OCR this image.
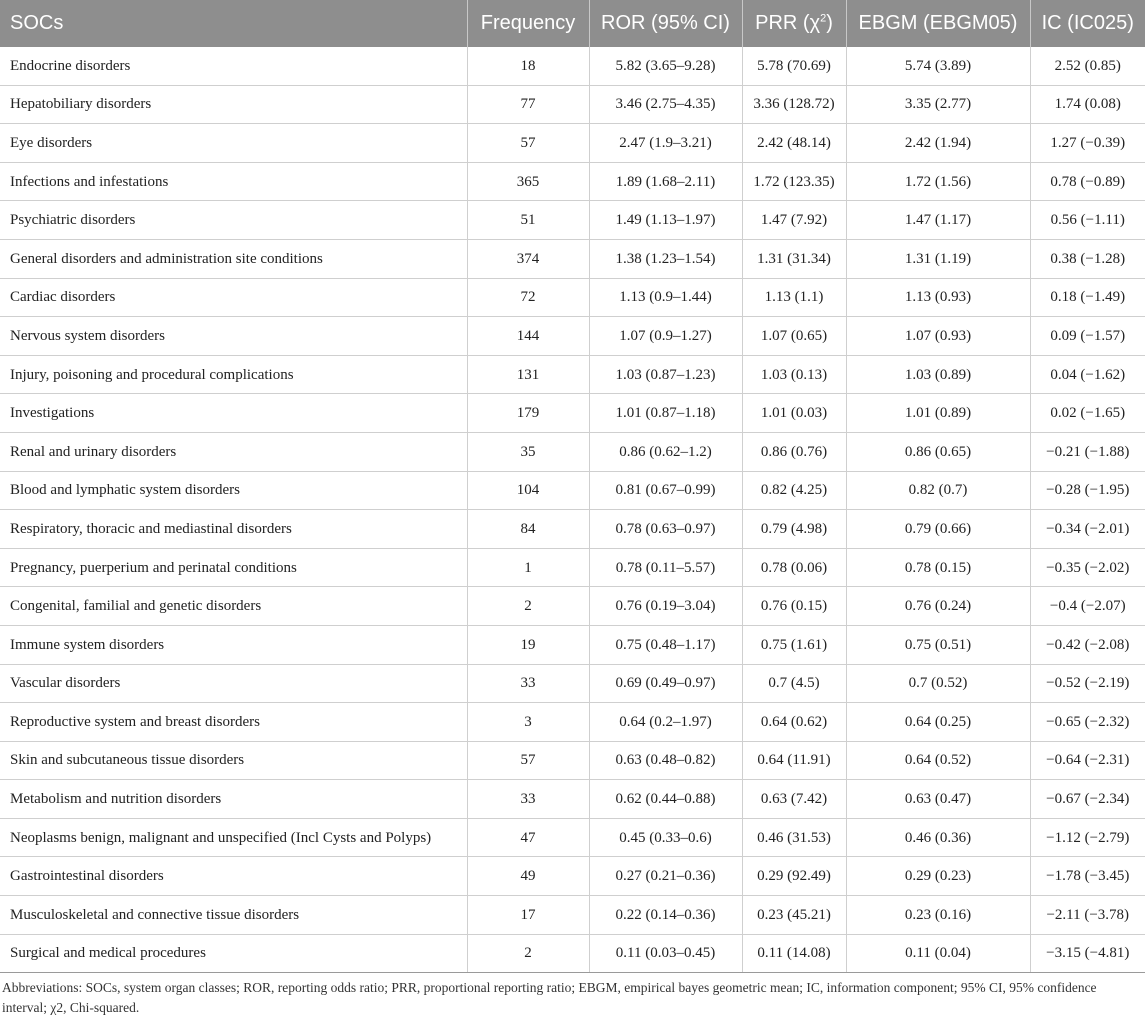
SOCs	Frequency	ROR (95% CI)	PRR $(\chi^2)$	EBGM (EBGM05)	IC (IC025)
Endocrine disorders	18	5.82 (3.65–9.28)	5.78 (70.69)	5.74 (3.89)	2.52 (0.85)
Hepatobiliary disorders	77	3.46 (2.75–4.35)	3.36 (128.72)	3.35 (2.77)	1.74 (0.08)
Eye disorders	57	2.47 (1.9–3.21)	2.42 (48.14)	2.42 (1.94)	1.27 (−0.39)
Infections and infestations	365	1.89 (1.68–2.11)	1.72 (123.35)	1.72 (1.56)	0.78 (−0.89)
Psychiatric disorders	51	1.49 (1.13–1.97)	1.47 (7.92)	1.47 (1.17)	0.56 (−1.11)
General disorders and administration site conditions	374	1.38 (1.23–1.54)	1.31 (31.34)	1.31 (1.19)	0.38 (−1.28)
Cardiac disorders	72	1.13 (0.9–1.44)	1.13 (1.1)	1.13 (0.93)	0.18 (−1.49)
Nervous system disorders	144	1.07 (0.9–1.27)	1.07 (0.65)	1.07 (0.93)	0.09 (−1.57)
Injury, poisoning and procedural complications	131	1.03 (0.87–1.23)	1.03 (0.13)	1.03 (0.89)	0.04 (−1.62)
Investigations	179	1.01 (0.87–1.18)	1.01 (0.03)	1.01 (0.89)	0.02 (−1.65)
Renal and urinary disorders	35	0.86 (0.62–1.2)	0.86 (0.76)	0.86 (0.65)	−0.21 (−1.88)
Blood and lymphatic system disorders	104	0.81 (0.67–0.99)	0.82 (4.25)	0.82 (0.7)	−0.28 (−1.95)
Respiratory, thoracic and mediastinal disorders	84	0.78 (0.63–0.97)	0.79 (4.98)	0.79 (0.66)	−0.34 (−2.01)
Pregnancy, puerperium and perinatal conditions	1	0.78 (0.11–5.57)	0.78 (0.06)	0.78 (0.15)	−0.35 (−2.02)
Congenital, familial and genetic disorders	2	0.76 (0.19–3.04)	0.76 (0.15)	0.76 (0.24)	−0.4 (−2.07)
Immune system disorders	19	0.75 (0.48–1.17)	0.75 (1.61)	0.75 (0.51)	−0.42 (−2.08)
Vascular disorders	33	0.69 (0.49–0.97)	0.7 (4.5)	0.7 (0.52)	−0.52 (−2.19)
Reproductive system and breast disorders	3	0.64 (0.2–1.97)	0.64 (0.62)	0.64 (0.25)	−0.65 (−2.32)
Skin and subcutaneous tissue disorders	57	0.63 (0.48–0.82)	0.64 (11.91)	0.64 (0.52)	−0.64 (−2.31)
Metabolism and nutrition disorders	33	0.62 (0.44–0.88)	0.63 (7.42)	0.63 (0.47)	−0.67 (−2.34)
Neoplasms benign, malignant and unspecified (Incl Cysts and Polyps)	47	0.45 (0.33–0.6)	0.46 (31.53)	0.46 (0.36)	−1.12 (−2.79)
Gastrointestinal disorders	49	0.27 (0.21–0.36)	0.29 (92.49)	0.29 (0.23)	−1.78 (−3.45)
Musculoskeletal and connective tissue disorders	17	0.22 (0.14–0.36)	0.23 (45.21)	0.23 (0.16)	−2.11 (−3.78)
Surgical and medical procedures	2	0.11 (0.03–0.45)	0.11 (14.08)	0.11 (0.04)	−3.15 (−4.81)
Abbreviations: SOCs, system organ classes; ROR, reporting odds ratio; PRR, proportional reporting ratio; EBGM, empirical bayes geometric mean; IC, information component; 95% CI, 95% confidence interval; χ2, Chi-squared.
